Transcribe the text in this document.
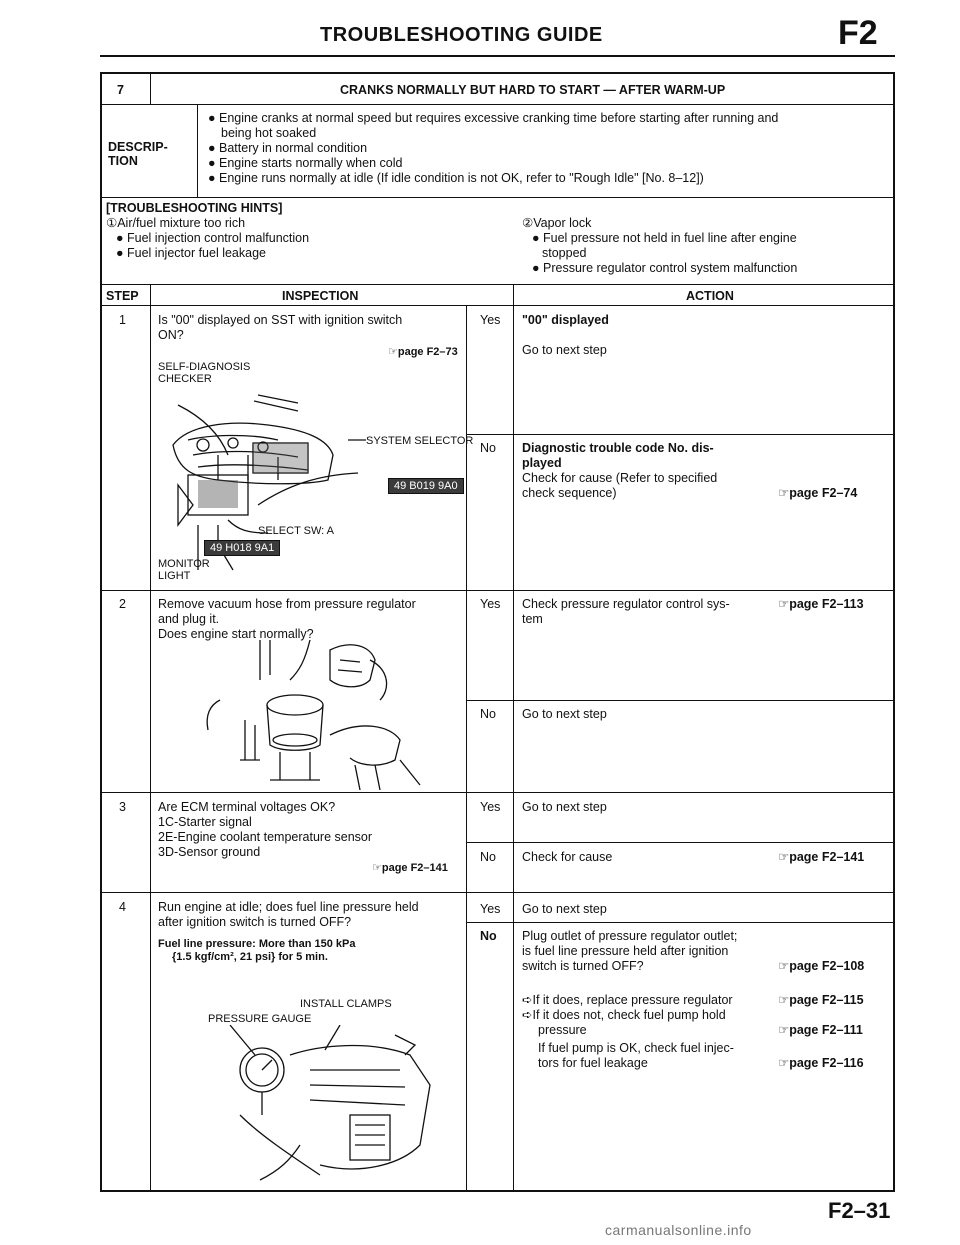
TROUBLESHOOTING GUIDE	F2
7	CRANKS NORMALLY BUT HARD TO START — AFTER WARM-UP
DESCRIP-
TION
● Engine cranks at normal speed but requires excessive cranking time before starting after running and
being hot soaked
● Battery in normal condition
● Engine starts normally when cold
● Engine runs normally at idle (If idle condition is not OK, refer to "Rough Idle" [No. 8–12])
[TROUBLESHOOTING HINTS]
①Air/fuel mixture too rich
● Fuel injection control malfunction
● Fuel injector fuel leakage
②Vapor lock
● Fuel pressure not held in fuel line after engine
stopped
● Pressure regulator control system malfunction
STEP	INSPECTION	ACTION
1	Is "00" displayed on SST with ignition switch
ON?
☞page F2–73
SELF-DIAGNOSIS
CHECKER
SYSTEM SELECTOR
49 B019 9A0
SELECT SW: A
49 H018 9A1
MONITOR
LIGHT
Yes "00" displayed
Go to next step
No Diagnostic trouble code No. dis-
played
Check for cause (Refer to specified
check sequence)	☞page F2–74
2	Remove vacuum hose from pressure regulator
and plug it.
Does engine start normally?
Yes Check pressure regulator control sys-
tem
☞page F2–113
No Go to next step
3	Are ECM terminal voltages OK?
1C-Starter signal
2E-Engine coolant temperature sensor
3D-Sensor ground
☞page F2–141
Yes Go to next step
No Check for cause	☞page F2–141
4	Run engine at idle; does fuel line pressure held
after ignition switch is turned OFF?
Fuel line pressure: More than 150 kPa
{1.5 kgf/cm², 21 psi} for 5 min.
INSTALL CLAMPS
PRESSURE GAUGE
Yes Go to next step
No Plug outlet of pressure regulator outlet;
is fuel line pressure held after ignition
switch is turned OFF?	☞page F2–108
➪If it does, replace pressure regulator	☞page F2–115
➪If it does not, check fuel pump hold
pressure	☞page F2–111
If fuel pump is OK, check fuel injec-
tors for fuel leakage	☞page F2–116
F2–31
carmanualsonline.info
